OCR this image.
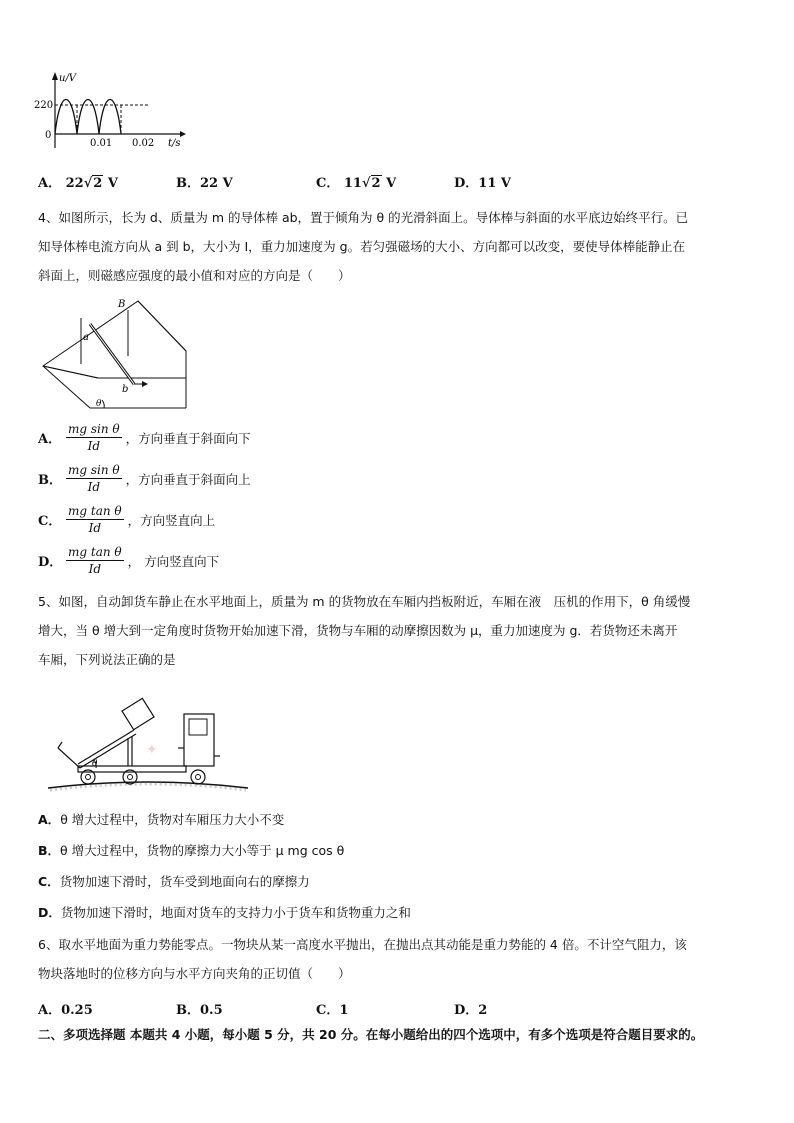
u/V
220
0
0.01 0.02 t/s
A． 22√2 V	B．22 V	C． 11√2 V	D．11 V
4、如图所示，长为 d、质量为 m 的导体棒 ab，置于倾角为 θ 的光滑斜面上。导体棒与斜面的水平底边始终平行。已
知导体棒电流方向从 a 到 b，大小为 I，重力加速度为 g。若匀强磁场的大小、方向都可以改变，要使导体棒能静止在
斜面上，则磁感应强度的最小值和对应的方向是（　　）
B
a
b
θ
A． $\frac{\text{mg sin θ}}{Id}$ ，方向垂直于斜面向下
B． $\frac{\text{mg sin θ}}{Id}$ ，方向垂直于斜面向上
C． $\frac{\text{mg tan θ}}{Id}$ ，方向竖直向上
D． $\frac{\text{mg tan θ}}{Id}$ ， 方向竖直向下
5、如图，自动卸货车静止在水平地面上，质量为 m 的货物放在车厢内挡板附近，车厢在液　压机的作用下，θ 角缓慢
增大，当 θ 增大到一定角度时货物开始加速下滑，货物与车厢的动摩擦因数为 μ，重力加速度为 g．若货物还未离开
车厢，下列说法正确的是
θ
✦
A．θ 增大过程中，货物对车厢压力大小不变
B．θ 增大过程中，货物的摩擦力大小等于 μ mg cos θ
C．货物加速下滑时，货车受到地面向右的摩擦力
D．货物加速下滑时，地面对货车的支持力小于货车和货物重力之和
6、取水平地面为重力势能零点。一物块从某一高度水平抛出，在抛出点其动能是重力势能的 4 倍。不计空气阻力，该
物块落地时的位移方向与水平方向夹角的正切值（　　）
A．0.25	B．0.5	C．1	D．2
二、多项选择题 本题共 4 小题，每小题 5 分，共 20 分。在每小题给出的四个选项中，有多个选项是符合题目要求的。
